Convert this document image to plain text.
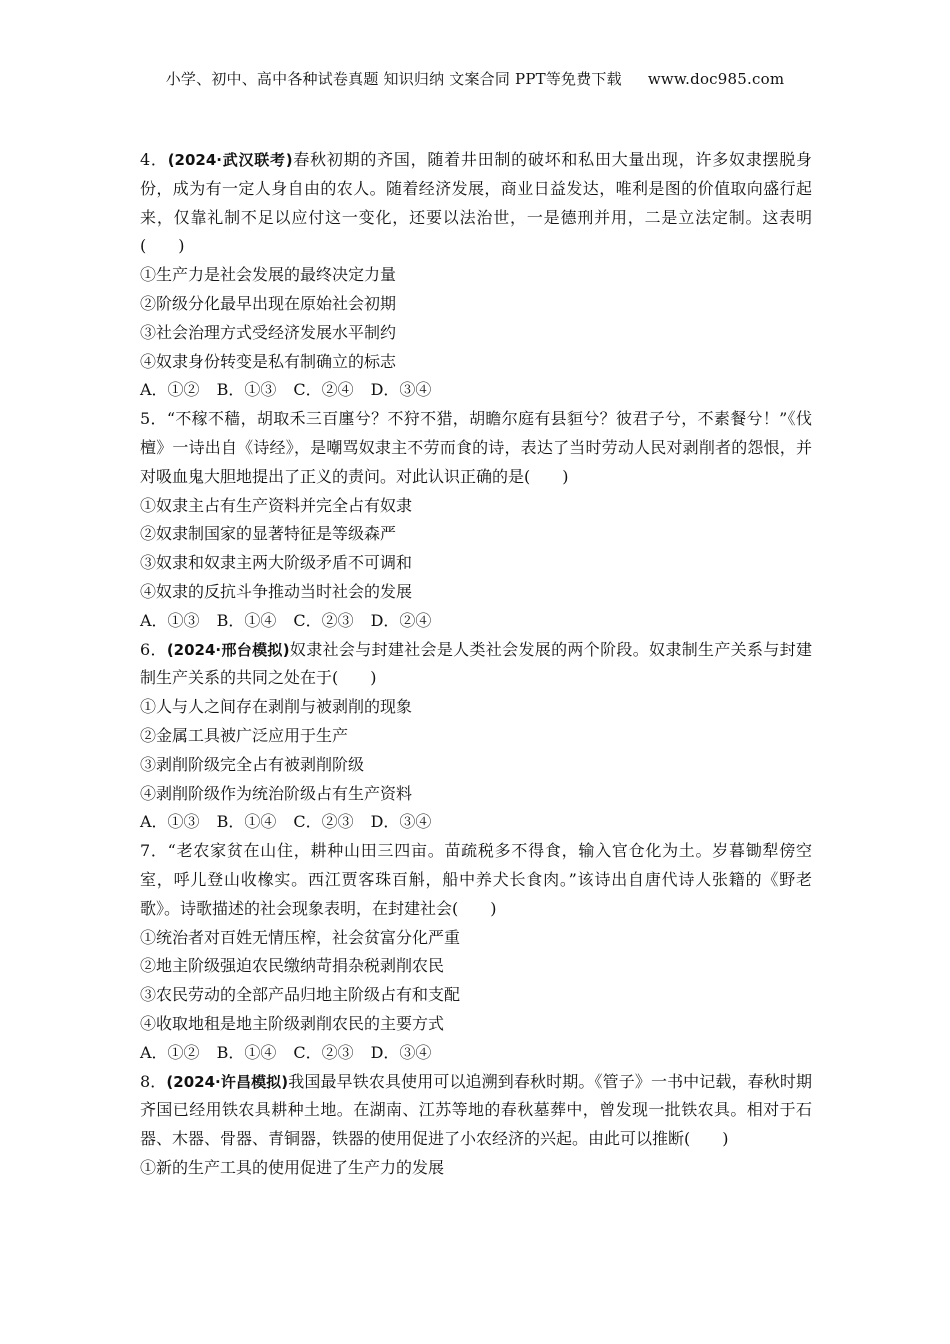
小学、初中、高中各种试卷真题 知识归纳 文案合同 PPT等免费下载 www.doc985.com
4．(2024·武汉联考)春秋初期的齐国，随着井田制的破坏和私田大量出现，许多奴隶摆脱身份，成为有一定人身自由的农人。随着经济发展，商业日益发达，唯利是图的价值取向盛行起来，仅靠礼制不足以应付这一变化，还要以法治世，一是德刑并用，二是立法定制。这表明(　　)
①生产力是社会发展的最终决定力量
②阶级分化最早出现在原始社会初期
③社会治理方式受经济发展水平制约
④奴隶身份转变是私有制确立的标志
A．①② B．①③ C．②④ D．③④
5．“不稼不穑，胡取禾三百廛兮？不狩不猎，胡瞻尔庭有县貆兮？彼君子兮，不素餐兮！”《伐檀》一诗出自《诗经》，是嘲骂奴隶主不劳而食的诗，表达了当时劳动人民对剥削者的怨恨，并对吸血鬼大胆地提出了正义的责问。对此认识正确的是(　　)
①奴隶主占有生产资料并完全占有奴隶
②奴隶制国家的显著特征是等级森严
③奴隶和奴隶主两大阶级矛盾不可调和
④奴隶的反抗斗争推动当时社会的发展
A．①③ B．①④ C．②③ D．②④
6．(2024·邢台模拟)奴隶社会与封建社会是人类社会发展的两个阶段。奴隶制生产关系与封建制生产关系的共同之处在于(　　)
①人与人之间存在剥削与被剥削的现象
②金属工具被广泛应用于生产
③剥削阶级完全占有被剥削阶级
④剥削阶级作为统治阶级占有生产资料
A．①③ B．①④ C．②③ D．③④
7．“老农家贫在山住，耕种山田三四亩。苗疏税多不得食，输入官仓化为土。岁暮锄犁傍空室，呼儿登山收橡实。西江贾客珠百斛，船中养犬长食肉。”该诗出自唐代诗人张籍的《野老歌》。诗歌描述的社会现象表明，在封建社会(　　)
①统治者对百姓无情压榨，社会贫富分化严重
②地主阶级强迫农民缴纳苛捐杂税剥削农民
③农民劳动的全部产品归地主阶级占有和支配
④收取地租是地主阶级剥削农民的主要方式
A．①② B．①④ C．②③ D．③④
8．(2024·许昌模拟)我国最早铁农具使用可以追溯到春秋时期。《管子》一书中记载，春秋时期齐国已经用铁农具耕种土地。在湖南、江苏等地的春秋墓葬中，曾发现一批铁农具。相对于石器、木器、骨器、青铜器，铁器的使用促进了小农经济的兴起。由此可以推断(　　)
①新的生产工具的使用促进了生产力的发展
